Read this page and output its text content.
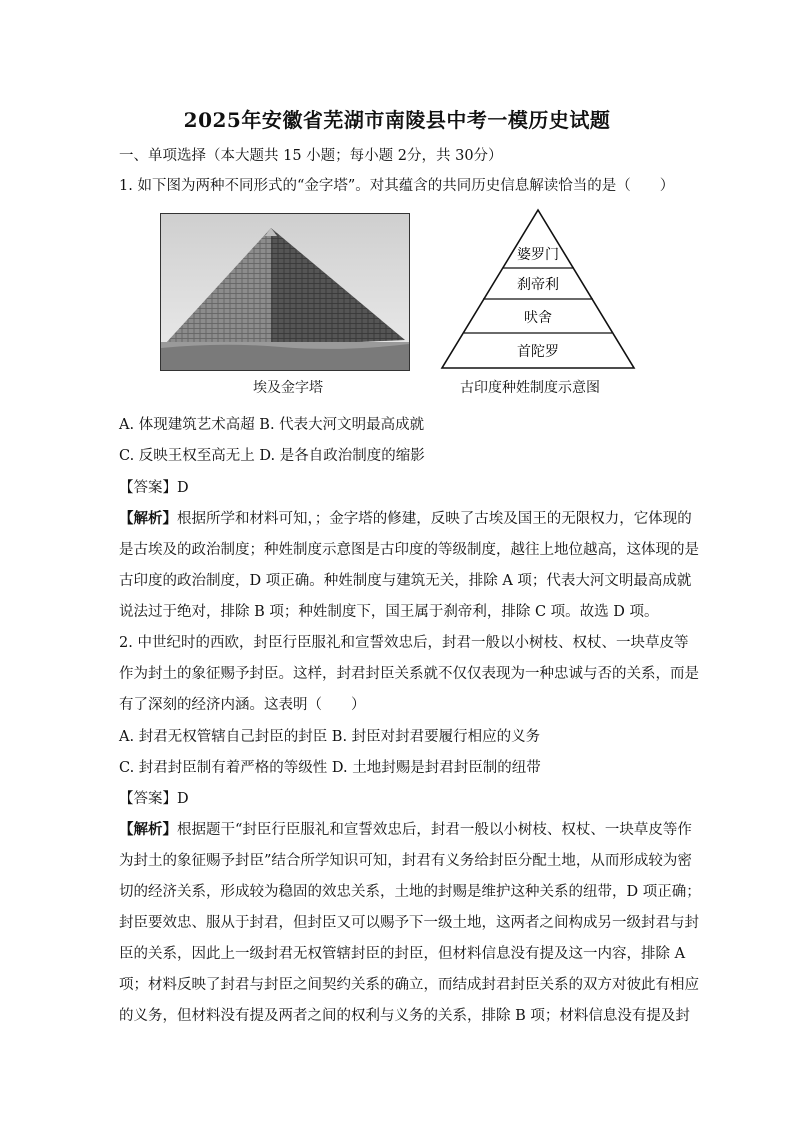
2025年安徽省芜湖市南陵县中考一模历史试题
一、单项选择（本大题共 15 小题；每小题 2分，共 30分）
1. 如下图为两种不同形式的“金字塔”。对其蕴含的共同历史信息解读恰当的是（　　）
埃及金字塔
婆罗门
刹帝利
吠舍
首陀罗
古印度种姓制度示意图
A. 体现建筑艺术高超 B. 代表大河文明最高成就
C. 反映王权至高无上 D. 是各自政治制度的缩影
【答案】D
【解析】根据所学和材料可知，；金字塔的修建，反映了古埃及国王的无限权力，它体现的
是古埃及的政治制度；种姓制度示意图是古印度的等级制度，越往上地位越高，这体现的是
古印度的政治制度，D 项正确。种姓制度与建筑无关，排除 A 项；代表大河文明最高成就
说法过于绝对，排除 B 项；种姓制度下，国王属于刹帝利，排除 C 项。故选 D 项。
2. 中世纪时的西欧，封臣行臣服礼和宣誓效忠后，封君一般以小树枝、权杖、一块草皮等
作为封土的象征赐予封臣。这样，封君封臣关系就不仅仅表现为一种忠诚与否的关系，而是
有了深刻的经济内涵。这表明（　　）
A. 封君无权管辖自己封臣的封臣 B. 封臣对封君要履行相应的义务
C. 封君封臣制有着严格的等级性 D. 土地封赐是封君封臣制的纽带
【答案】D
【解析】根据题干“封臣行臣服礼和宣誓效忠后，封君一般以小树枝、权杖、一块草皮等作
为封土的象征赐予封臣”结合所学知识可知，封君有义务给封臣分配土地，从而形成较为密
切的经济关系，形成较为稳固的效忠关系，土地的封赐是维护这种关系的纽带，D 项正确；
封臣要效忠、服从于封君，但封臣又可以赐予下一级土地，这两者之间构成另一级封君与封
臣的关系，因此上一级封君无权管辖封臣的封臣，但材料信息没有提及这一内容，排除 A
项；材料反映了封君与封臣之间契约关系的确立，而结成封君封臣关系的双方对彼此有相应
的义务，但材料没有提及两者之间的权利与义务的关系，排除 B 项；材料信息没有提及封
